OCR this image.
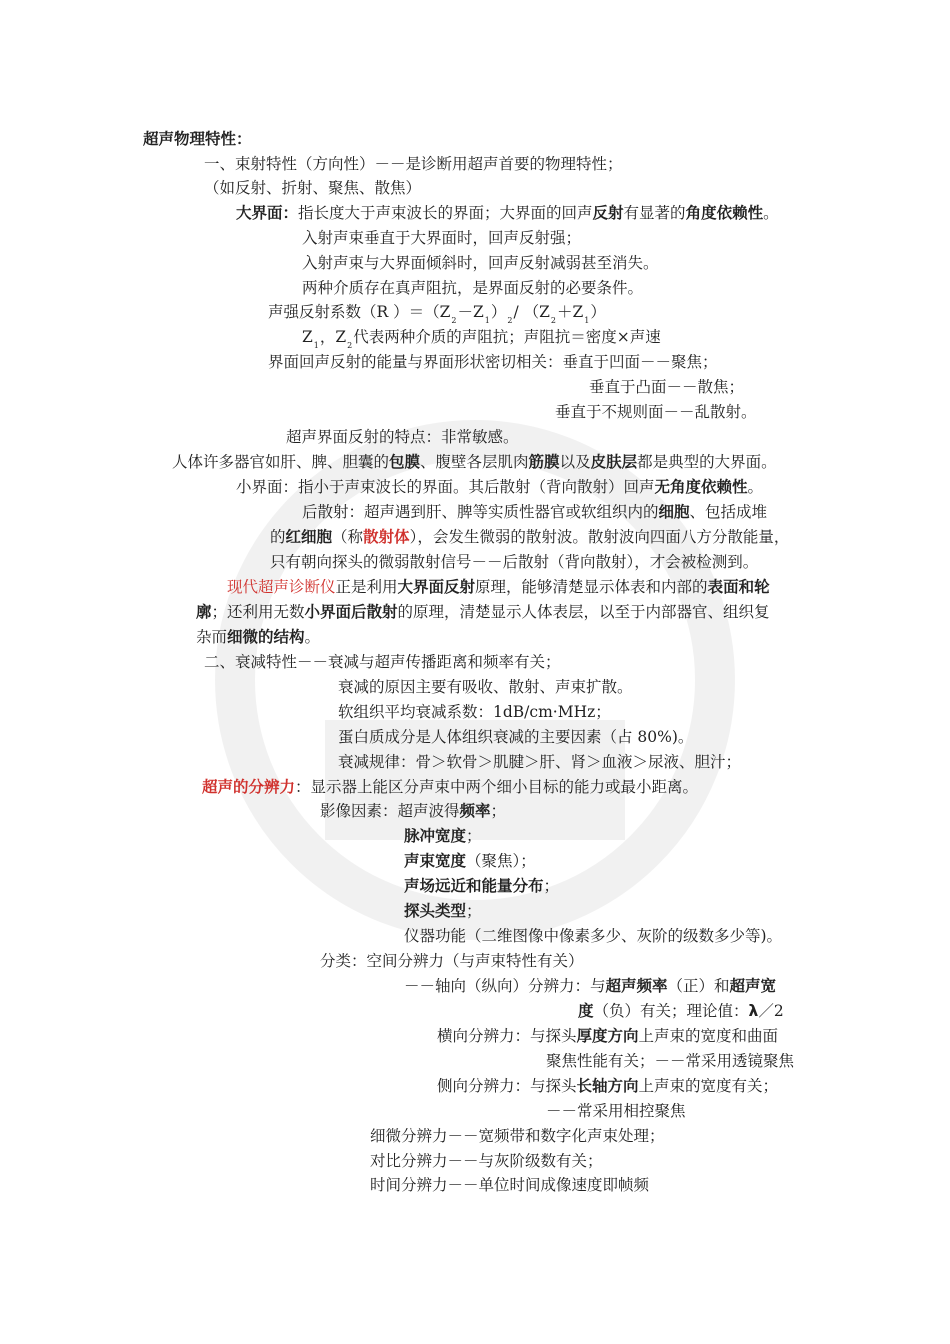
超声物理特性：
一、束射特性（方向性）－－是诊断用超声首要的物理特性；
（如反射、折射、聚焦、散焦）
大界面：指长度大于声束波长的界面；大界面的回声反射有显著的角度依赖性。
入射声束垂直于大界面时，回声反射强；
入射声束与大界面倾斜时，回声反射减弱甚至消失。
两种介质存在真声阻抗，是界面反射的必要条件。
声强反射系数（R ）$=(Z_2-Z_1)_2/$ $(Z_2+Z_1)$
$Z_1$，$Z_2$代表两种介质的声阻抗；声阻抗＝密度×声速
界面回声反射的能量与界面形状密切相关：垂直于凹面－－聚焦；
垂直于凸面－－散焦；
垂直于不规则面－－乱散射。
超声界面反射的特点：非常敏感。
人体许多器官如肝、脾、胆囊的包膜、腹壁各层肌肉筋膜以及皮肤层都是典型的大界面。
小界面：指小于声束波长的界面。其后散射（背向散射）回声无角度依赖性。
后散射：超声遇到肝、脾等实质性器官或软组织内的细胞、包括成堆
的红细胞（称散射体），会发生微弱的散射波。散射波向四面八方分散能量，
只有朝向探头的微弱散射信号－－后散射（背向散射），才会被检测到。
现代超声诊断仪正是利用大界面反射原理，能够清楚显示体表和内部的表面和轮
廓；还利用无数小界面后散射的原理，清楚显示人体表层，以至于内部器官、组织复
杂而细微的结构。
二、衰减特性－－衰减与超声传播距离和频率有关；
衰减的原因主要有吸收、散射、声束扩散。
软组织平均衰减系数：1dB/cm·MHz；
蛋白质成分是人体组织衰减的主要因素（占 80%)。
衰减规律：骨＞软骨＞肌腱＞肝、肾＞血液＞尿液、胆汁；
超声的分辨力：显示器上能区分声束中两个细小目标的能力或最小距离。
影像因素：超声波得频率；
脉冲宽度；
声束宽度（聚焦）；
声场远近和能量分布；
探头类型；
仪器功能（二维图像中像素多少、灰阶的级数多少等)。
分类：空间分辨力（与声束特性有关）
－－轴向（纵向）分辨力：与超声频率（正）和超声宽
度（负）有关；理论值：λ／2
横向分辨力：与探头厚度方向上声束的宽度和曲面
聚焦性能有关；－－常采用透镜聚焦
侧向分辨力：与探头长轴方向上声束的宽度有关；
－－常采用相控聚焦
细微分辨力－－宽频带和数字化声束处理；
对比分辨力－－与灰阶级数有关；
时间分辨力－－单位时间成像速度即帧频
